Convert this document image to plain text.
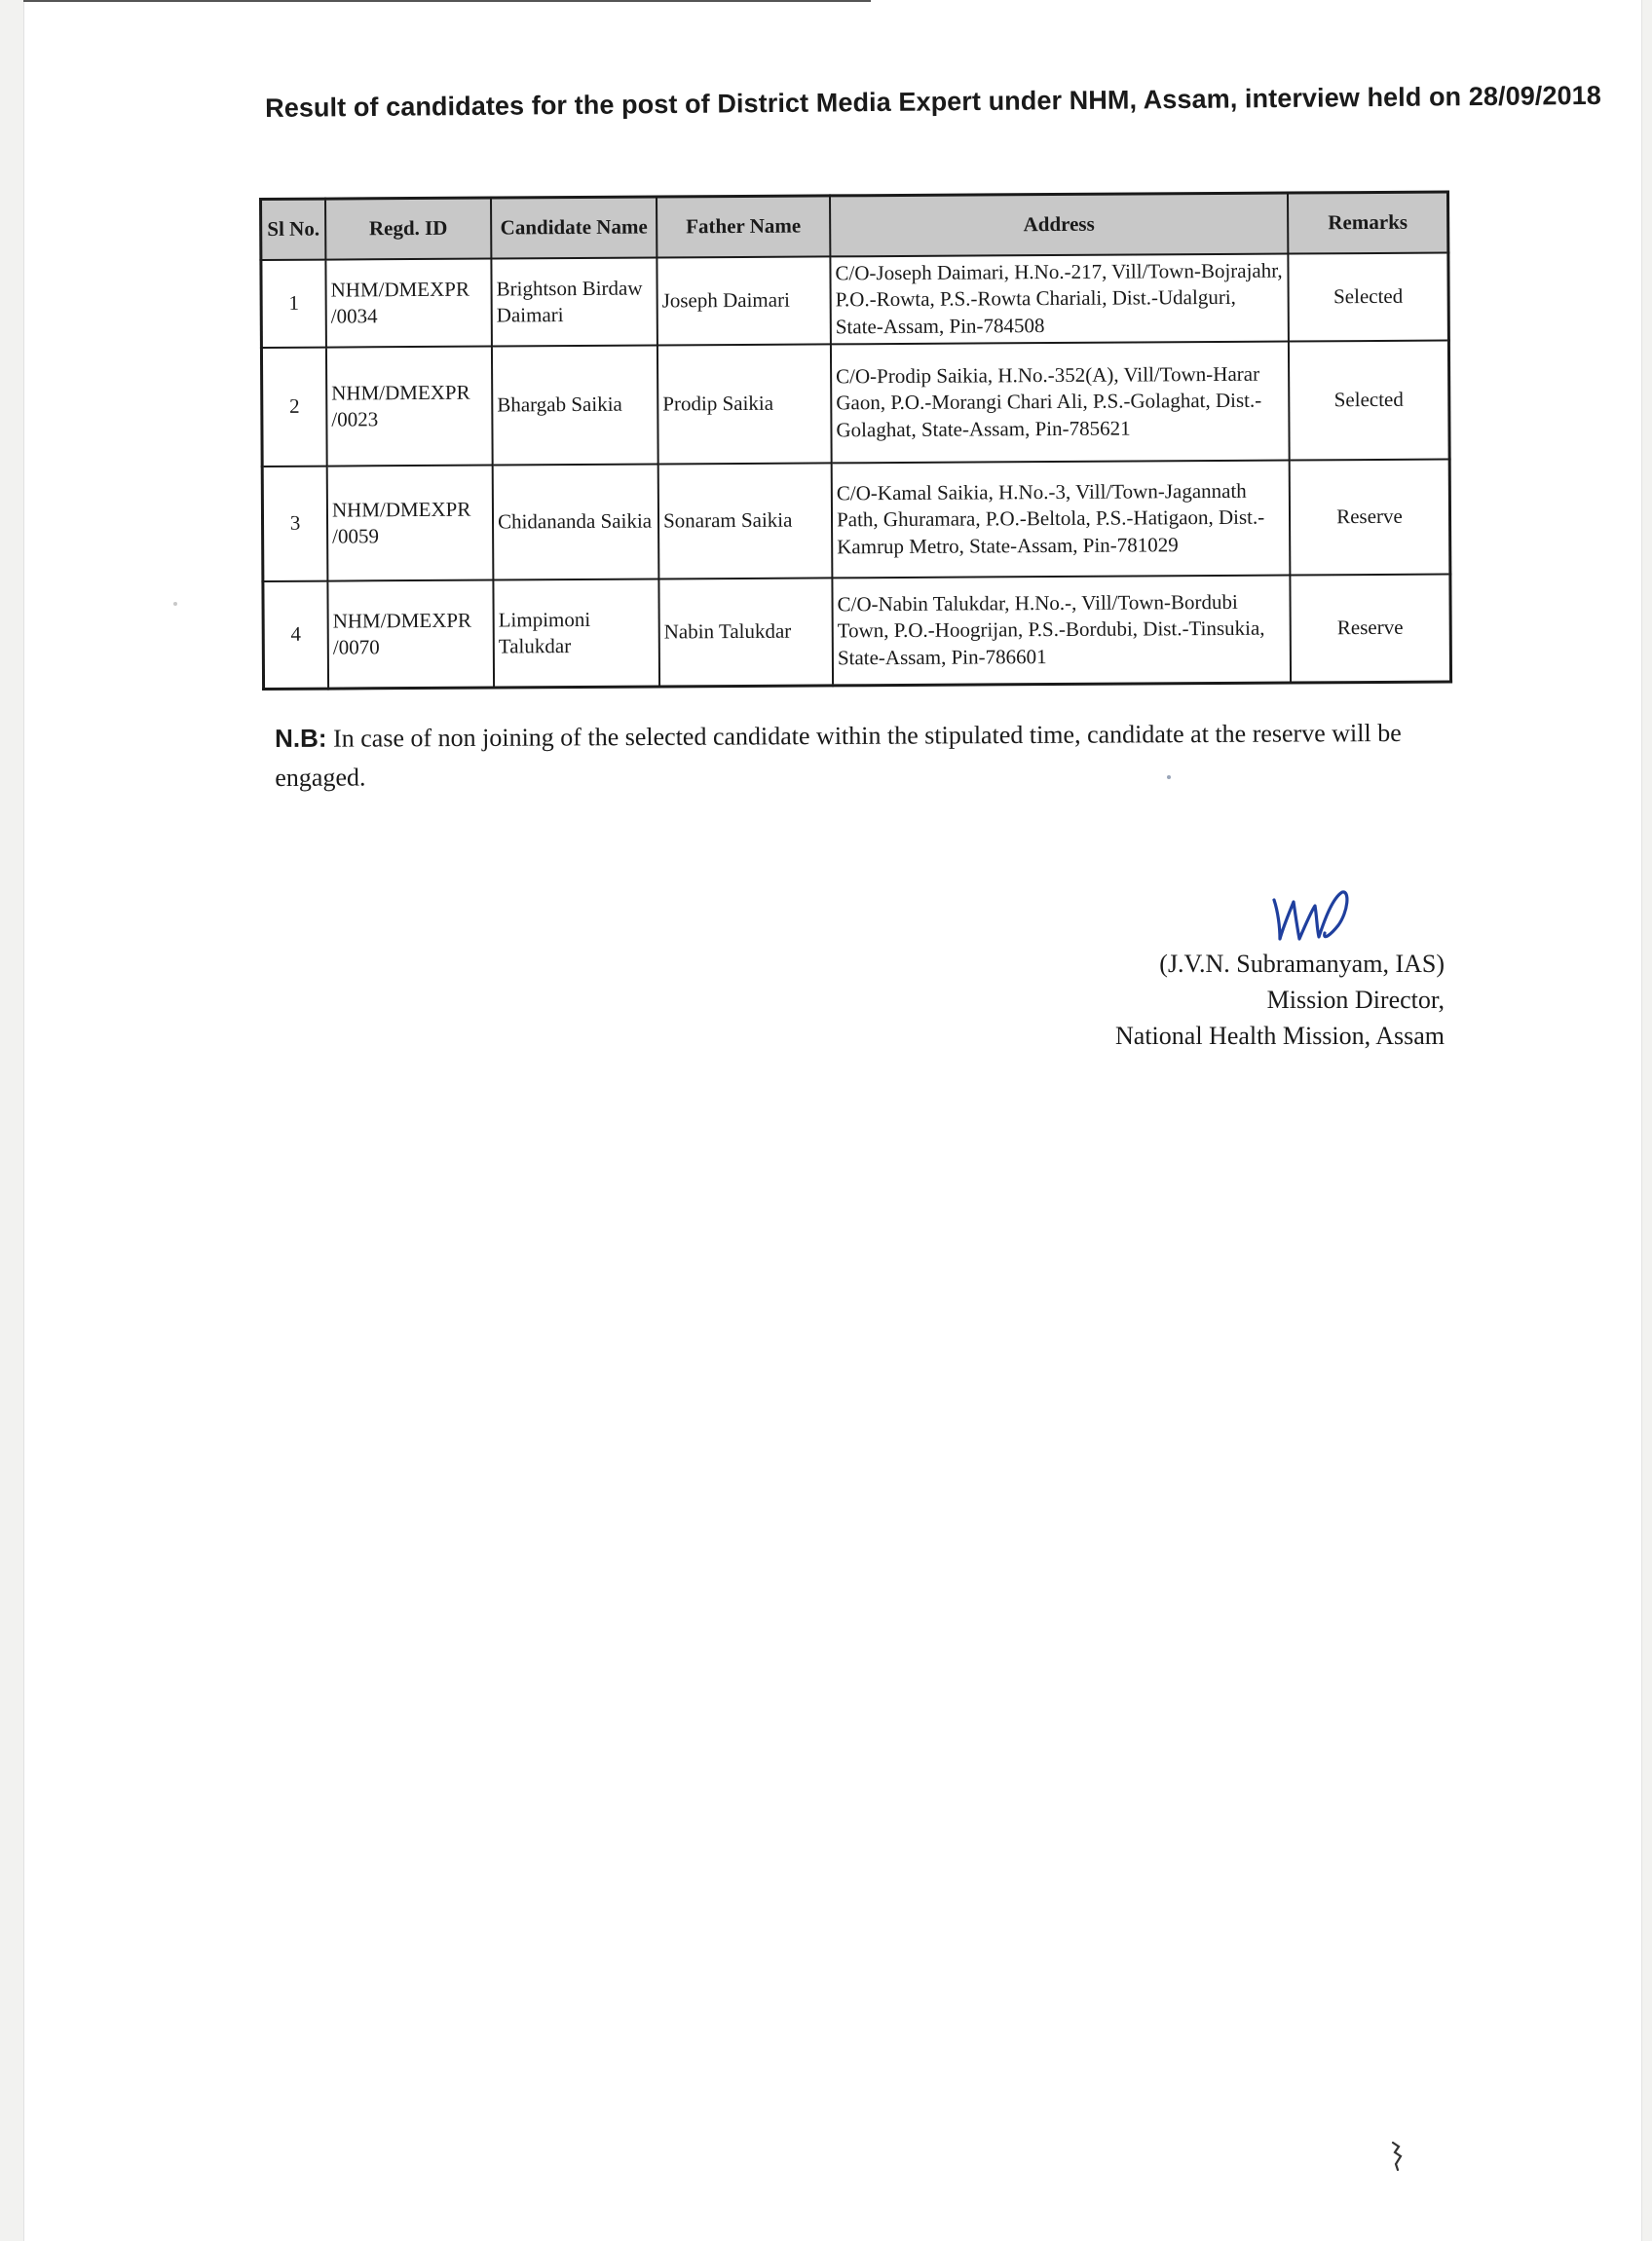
Result of candidates for the post of District Media Expert under NHM, Assam, interview held on 28/09/2018
Sl No.	Regd. ID	Candidate Name	Father Name	Address	Remarks
1	NHM/DMEXPR /0034	Brightson Birdaw Daimari	Joseph Daimari	C/O-Joseph Daimari, H.No.-217, Vill/Town-Bojrajahr, P.O.-Rowta, P.S.-Rowta Chariali, Dist.-Udalguri, State-Assam, Pin-784508	Selected
2	NHM/DMEXPR /0023	Bhargab Saikia	Prodip Saikia	C/O-Prodip Saikia, H.No.-352(A), Vill/Town-Harar Gaon, P.O.-Morangi Chari Ali, P.S.-Golaghat, Dist.-Golaghat, State-Assam, Pin-785621	Selected
3	NHM/DMEXPR /0059	Chidananda Saikia	Sonaram Saikia	C/O-Kamal Saikia, H.No.-3, Vill/Town-Jagannath Path, Ghuramara, P.O.-Beltola, P.S.-Hatigaon, Dist.-Kamrup Metro, State-Assam, Pin-781029	Reserve
4	NHM/DMEXPR /0070	Limpimoni Talukdar	Nabin Talukdar	C/O-Nabin Talukdar, H.No.-, Vill/Town-Bordubi Town, P.O.-Hoogrijan, P.S.-Bordubi, Dist.-Tinsukia, State-Assam, Pin-786601	Reserve
N.B: In case of non joining of the selected candidate within the stipulated time, candidate at the reserve will be engaged.
(J.V.N. Subramanyam, IAS)
Mission Director,
National Health Mission, Assam
